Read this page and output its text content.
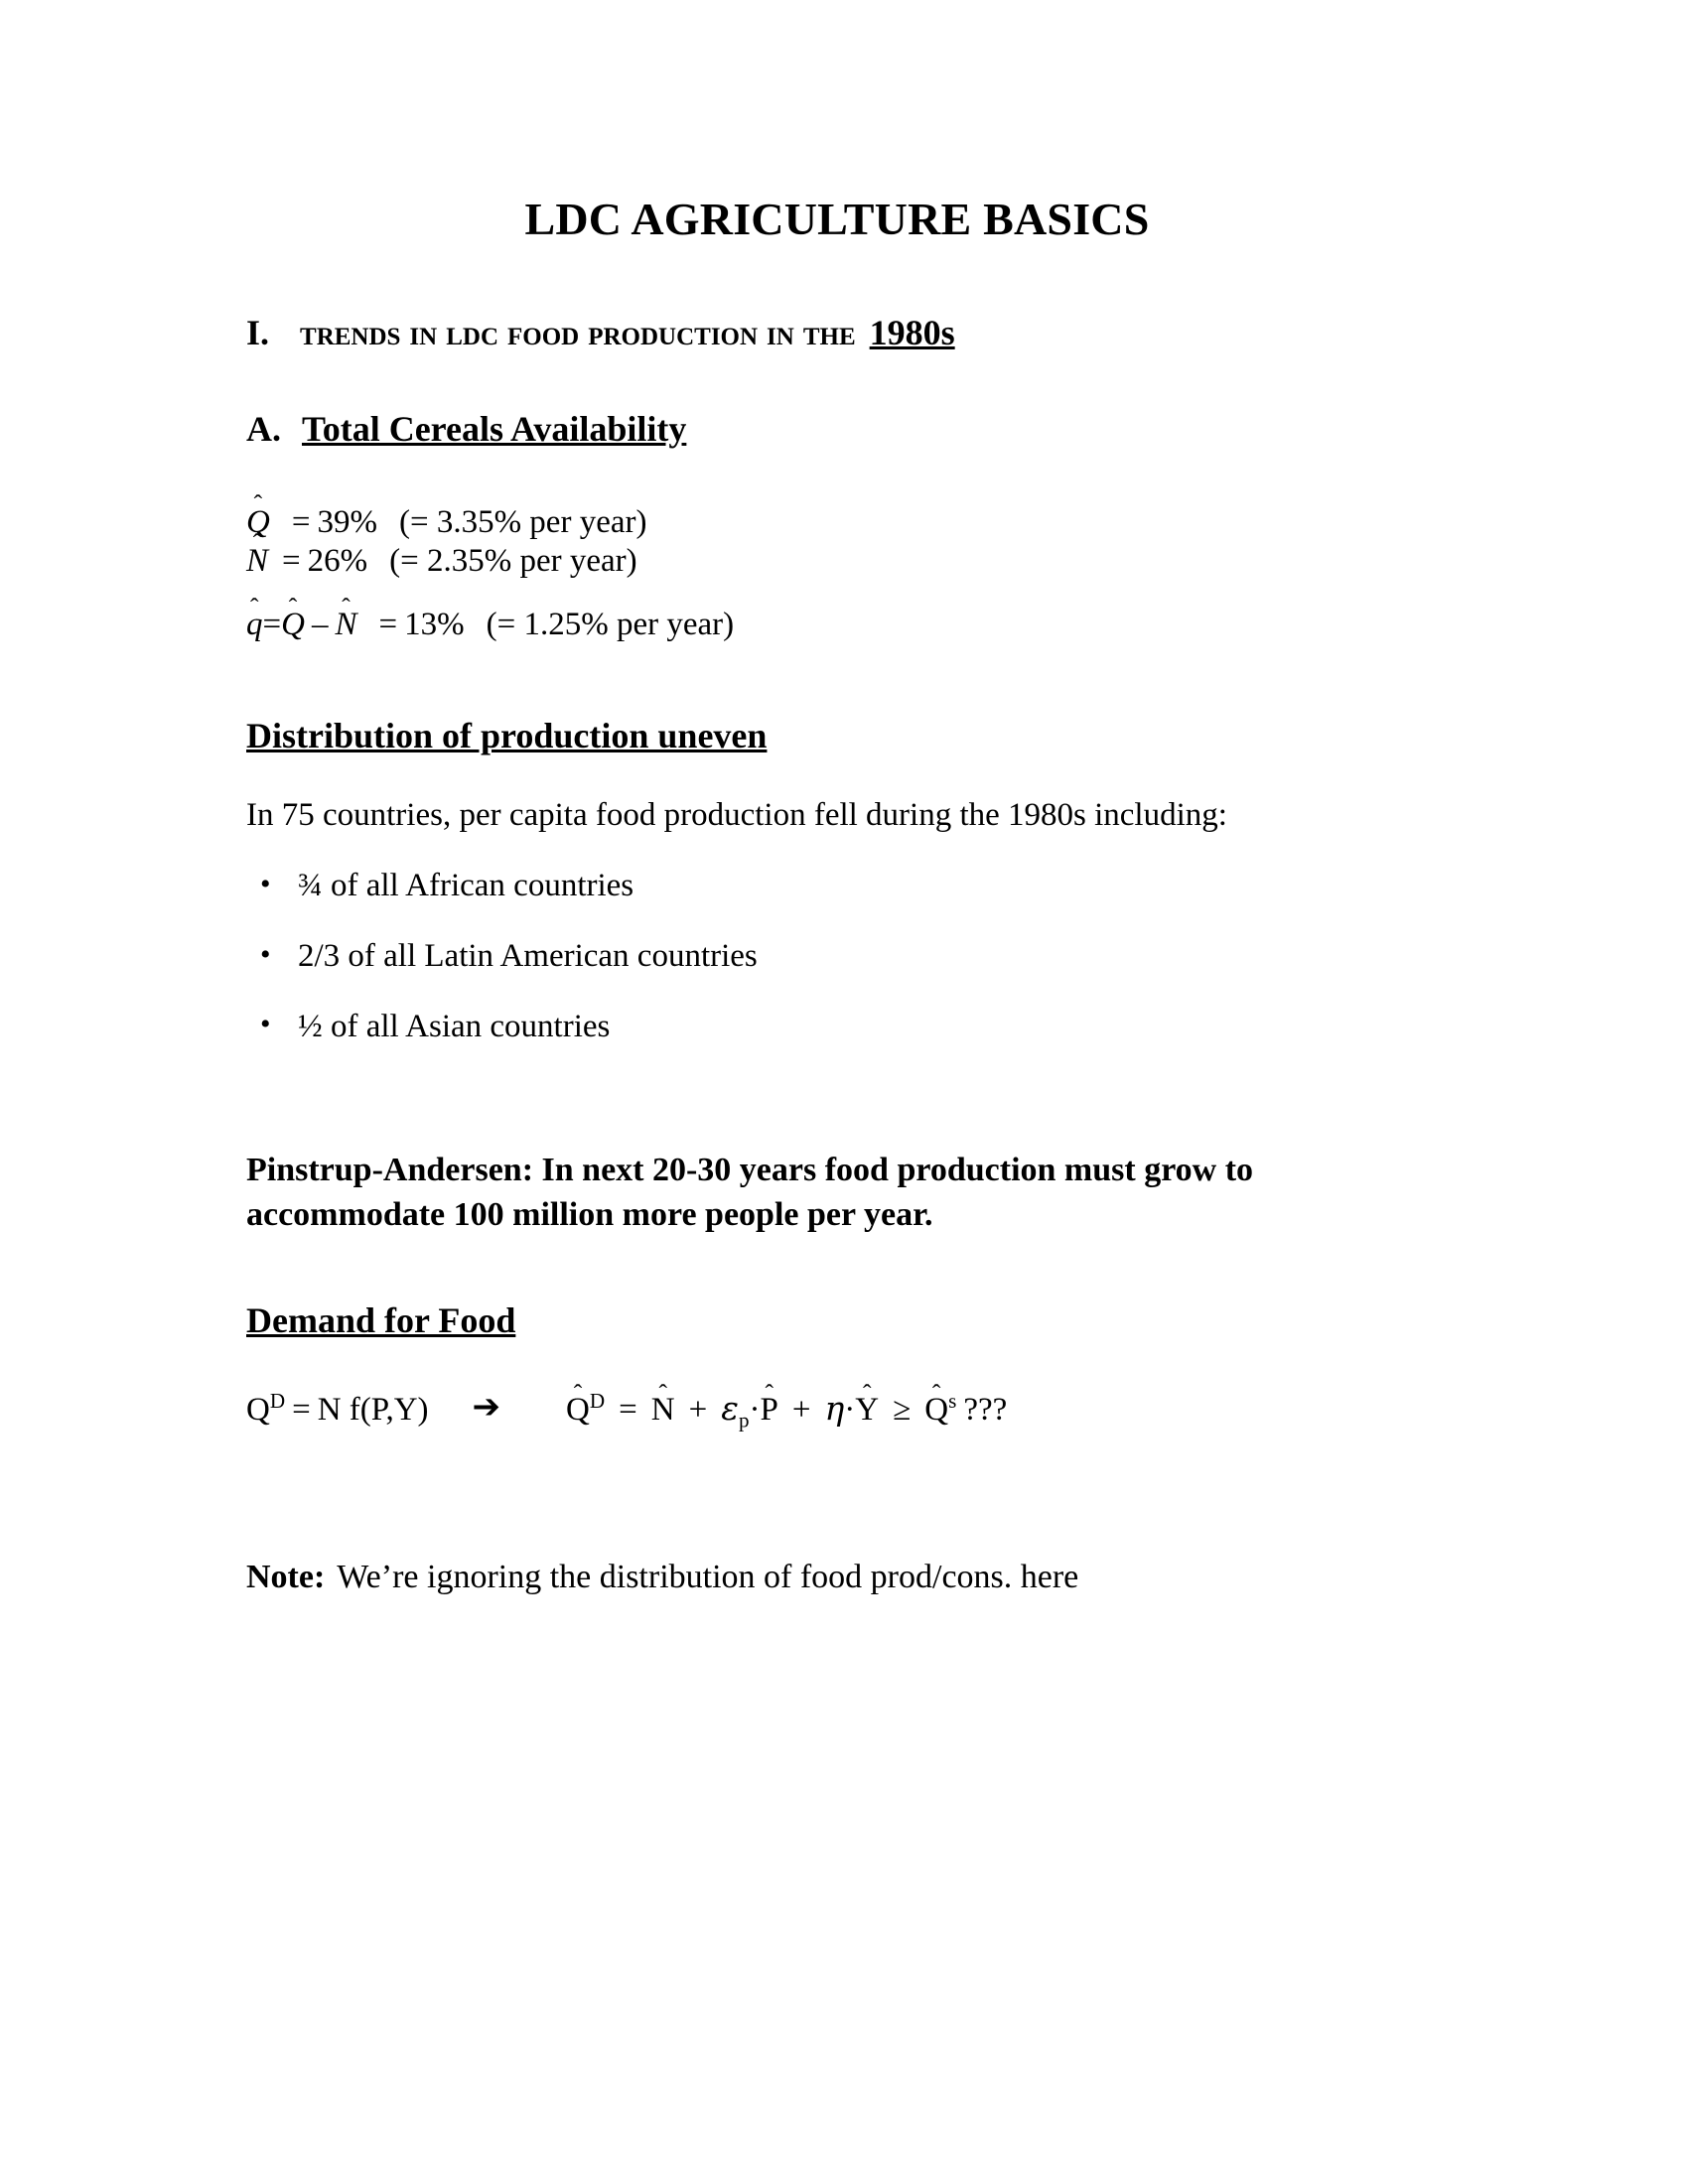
LDC AGRICULTURE BASICS
I. trends in ldc food production in the 1980s
A. Total Cereals Availability
Q = 39% (= 3.35% per year)
N = 26% (= 2.35% per year)
q=
Q – N = 13% (= 1.25% per year)
Distribution of production uneven

In 75 countries, per capita food production fell during the 1980s including:

• ¾ of all African countries
• 2/3 of all Latin American countries
• ½ of all Asian countries

Pinstrup-Andersen: In next 20-30 years food production must grow to accommodate 100 million more people per year.

Demand for Food
$Q^D = N$ f(P,Y) ➔ $Q^D = N + \varepsilon_p\cdot$
P + η·
$Y \ge Q^s$ ???

Note: We’re ignoring the distribution of food prod/cons. here
